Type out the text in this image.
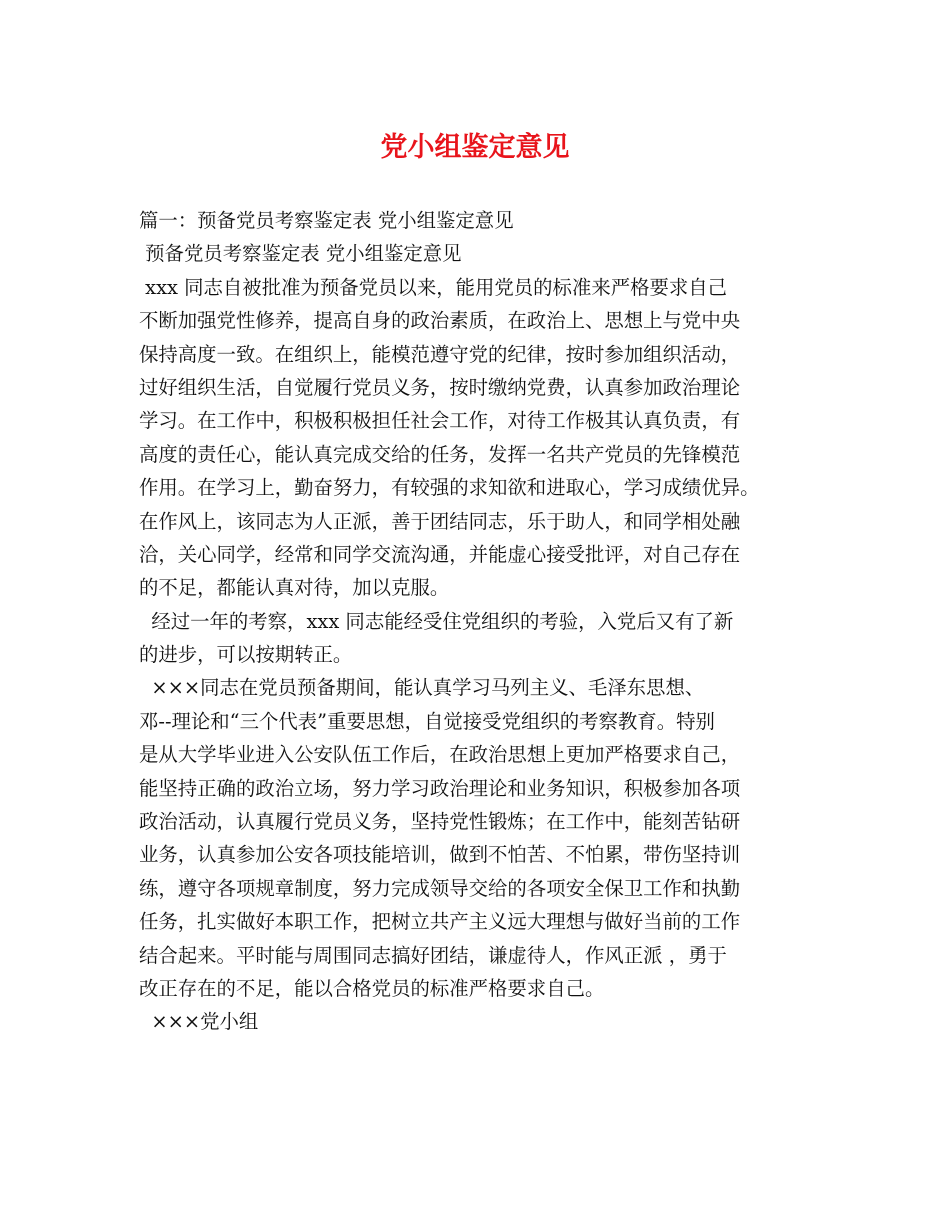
党小组鉴定意见
篇一：预备党员考察鉴定表 党小组鉴定意见
预备党员考察鉴定表 党小组鉴定意见
xxx 同志自被批准为预备党员以来，能用党员的标准来严格要求自己
不断加强党性修养，提高自身的政治素质，在政治上、思想上与党中央
保持高度一致。在组织上，能模范遵守党的纪律，按时参加组织活动，
过好组织生活，自觉履行党员义务，按时缴纳党费，认真参加政治理论
学习。在工作中，积极积极担任社会工作，对待工作极其认真负责，有
高度的责任心，能认真完成交给的任务，发挥一名共产党员的先锋模范
作用。在学习上，勤奋努力，有较强的求知欲和进取心，学习成绩优异。
在作风上，该同志为人正派，善于团结同志，乐于助人，和同学相处融
洽，关心同学，经常和同学交流沟通，并能虚心接受批评，对自己存在
的不足，都能认真对待，加以克服。
经过一年的考察，xxx 同志能经受住党组织的考验，入党后又有了新
的进步，可以按期转正。
×××同志在党员预备期间，能认真学习马列主义、毛泽东思想、
邓--理论和“三个代表”重要思想，自觉接受党组织的考察教育。特别
是从大学毕业进入公安队伍工作后，在政治思想上更加严格要求自己，
能坚持正确的政治立场，努力学习政治理论和业务知识，积极参加各项
政治活动，认真履行党员义务，坚持党性锻炼；在工作中，能刻苦钻研
业务，认真参加公安各项技能培训，做到不怕苦、不怕累，带伤坚持训
练，遵守各项规章制度，努力完成领导交给的各项安全保卫工作和执勤
任务，扎实做好本职工作，把树立共产主义远大理想与做好当前的工作
结合起来。平时能与周围同志搞好团结，谦虚待人，作风正派 ，勇于
改正存在的不足，能以合格党员的标准严格要求自己。
×××党小组
